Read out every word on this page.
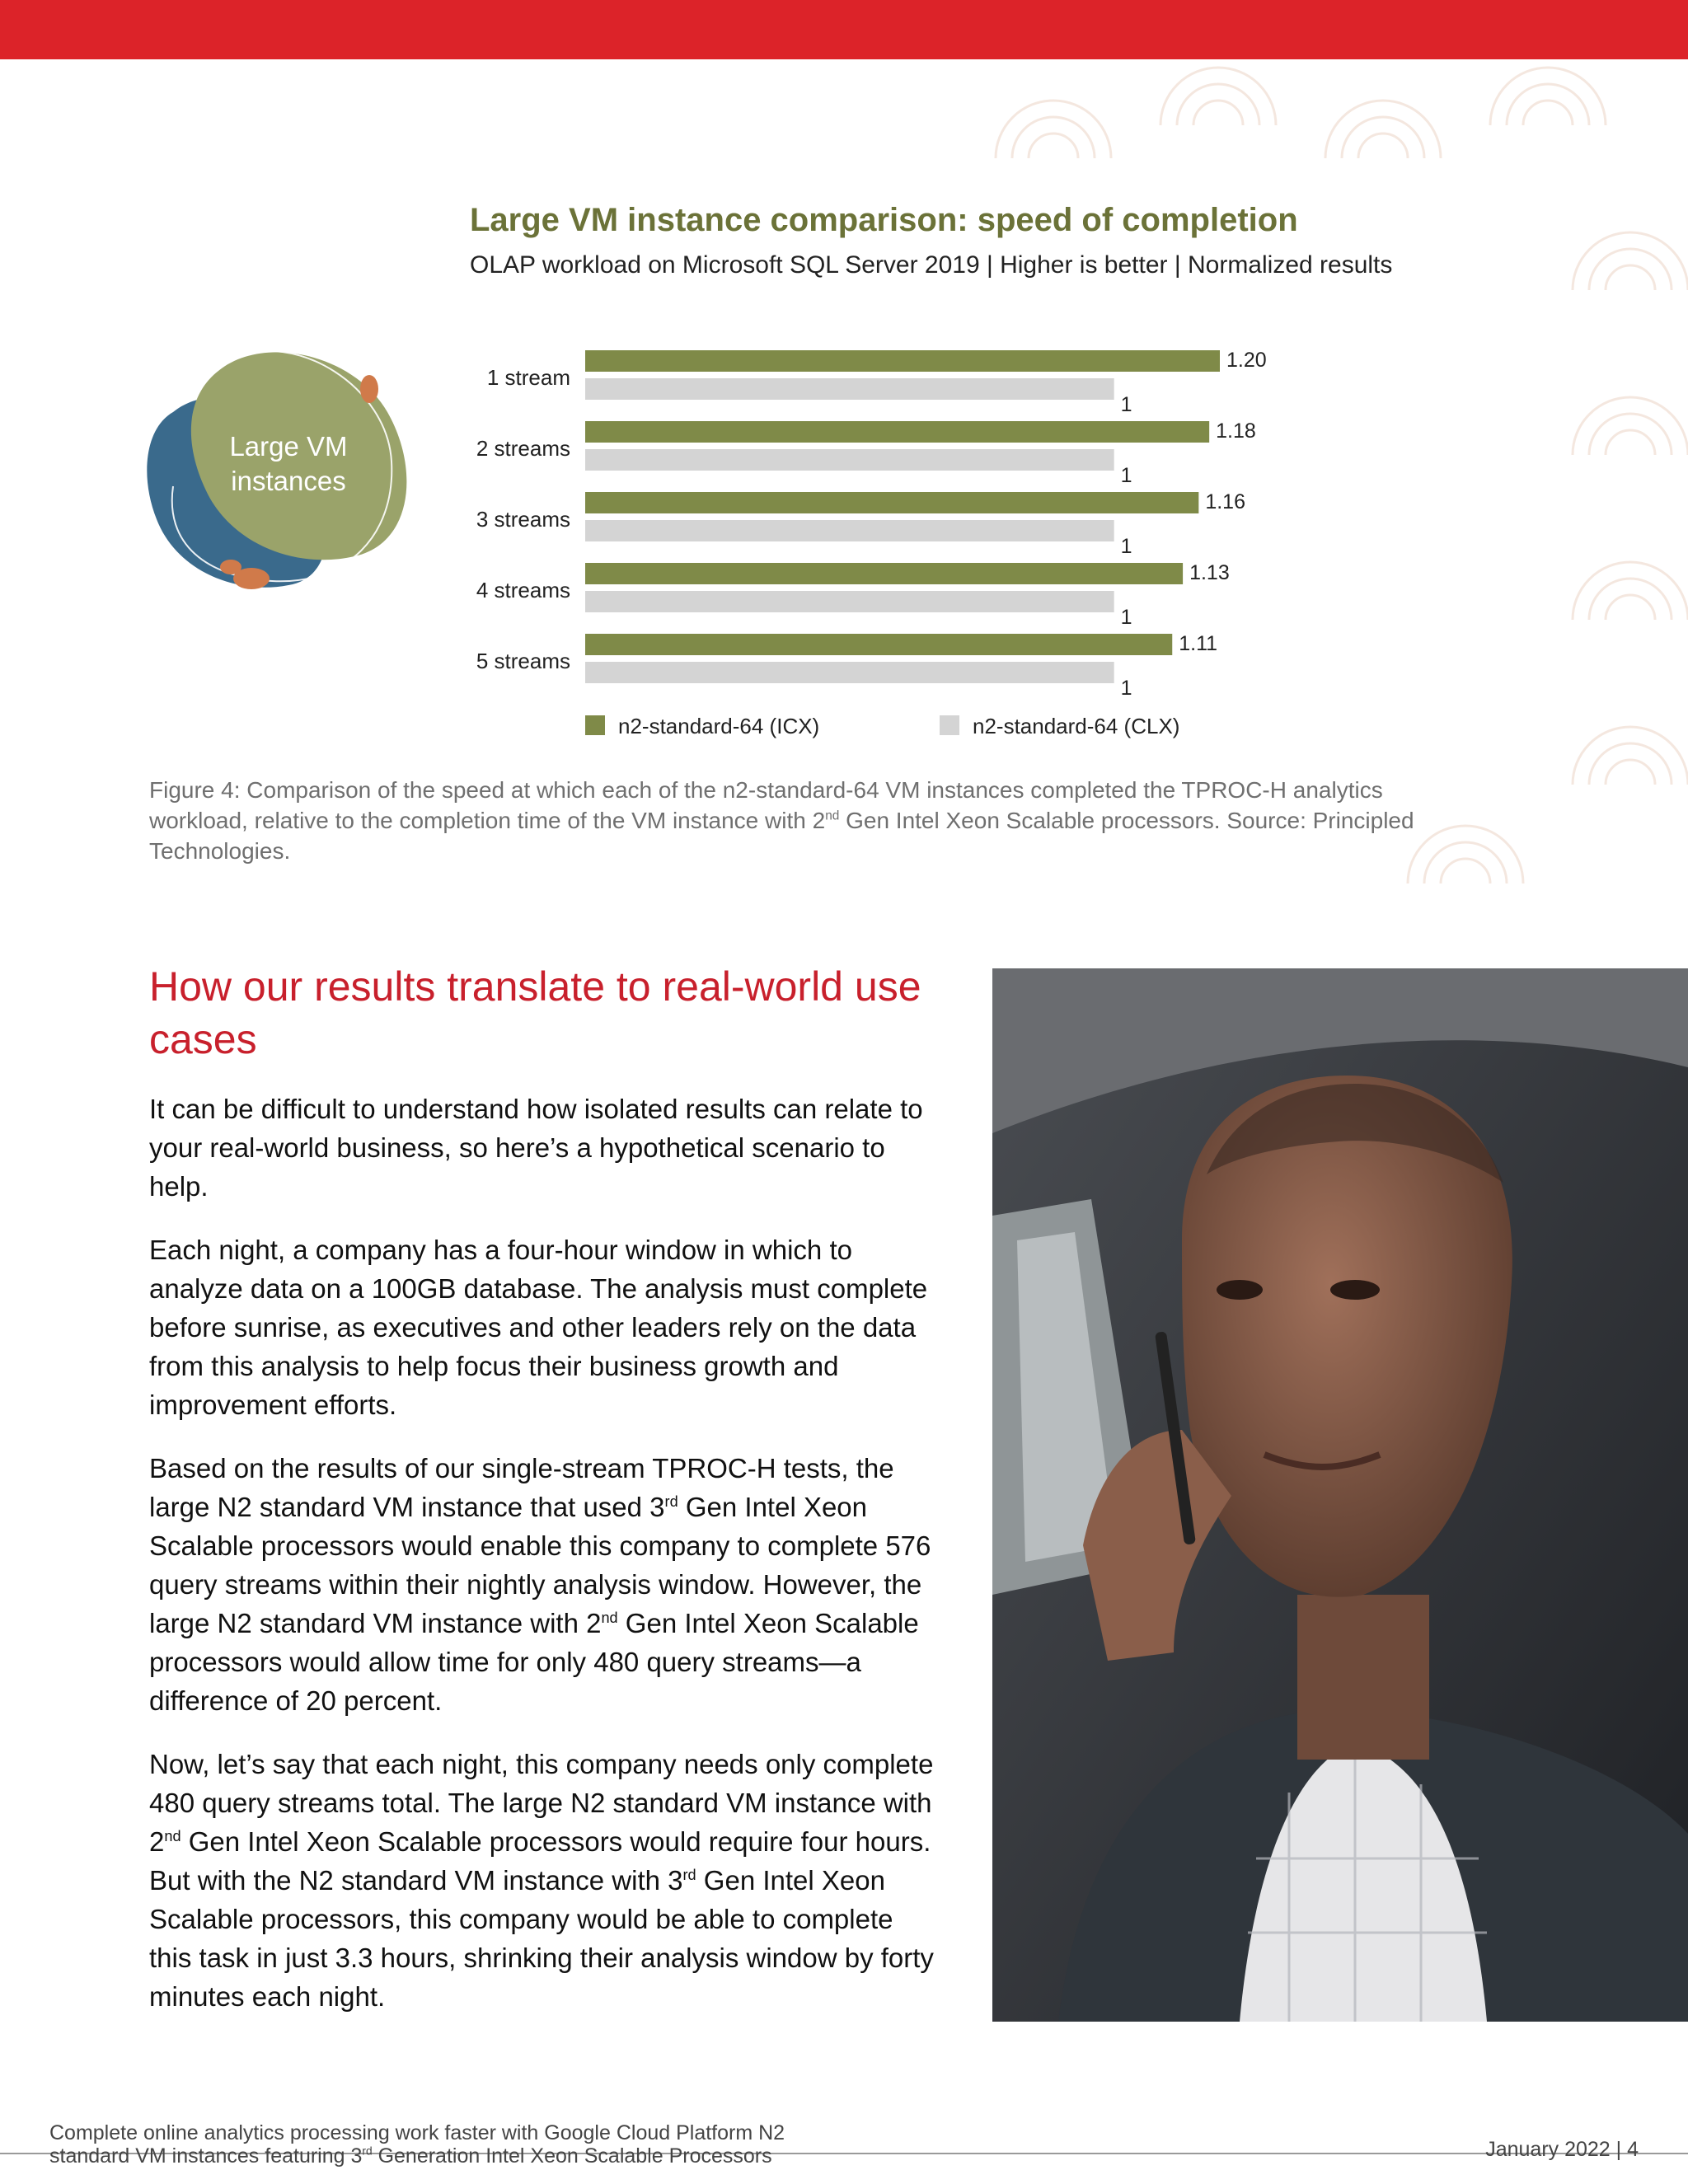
Large VM instance comparison: speed of completion
OLAP workload on Microsoft SQL Server 2019 | Higher is better | Normalized results
Large VM
instances
1 stream
1.20
1
2 streams
1.18
1
3 streams
1.16
1
4 streams
1.13
1
5 streams
1.11
1
n2-standard-64 (ICX)	n2-standard-64 (CLX)
Figure 4: Comparison of the speed at which each of the n2-standard-64 VM instances completed the TPROC-H analytics workload, relative to the completion time of the VM instance with 2nd Gen Intel Xeon Scalable processors. Source: Principled Technologies.
How our results translate to real-world use cases

It can be difficult to understand how isolated results can relate to your real-world business, so here’s a hypothetical scenario to help.

Each night, a company has a four-hour window in which to analyze data on a 100GB database. The analysis must complete before sunrise, as executives and other leaders rely on the data from this analysis to help focus their business growth and improvement efforts.

Based on the results of our single-stream TPROC-H tests, the large N2 standard VM instance that used 3rd Gen Intel Xeon Scalable processors would enable this company to complete 576 query streams within their nightly analysis window. However, the large N2 standard VM instance with 2nd Gen Intel Xeon Scalable processors would allow time for only 480 query streams—a difference of 20 percent.

Now, let’s say that each night, this company needs only complete 480 query streams total. The large N2 standard VM instance with 2nd Gen Intel Xeon Scalable processors would require four hours. But with the N2 standard VM instance with 3rd Gen Intel Xeon Scalable processors, this company would be able to complete this task in just 3.3 hours, shrinking their analysis window by forty minutes each night.

Complete online analytics processing work faster with Google Cloud Platform N2
standard VM instances featuring 3rd Generation Intel Xeon Scalable Processors	January 2022 | 4
